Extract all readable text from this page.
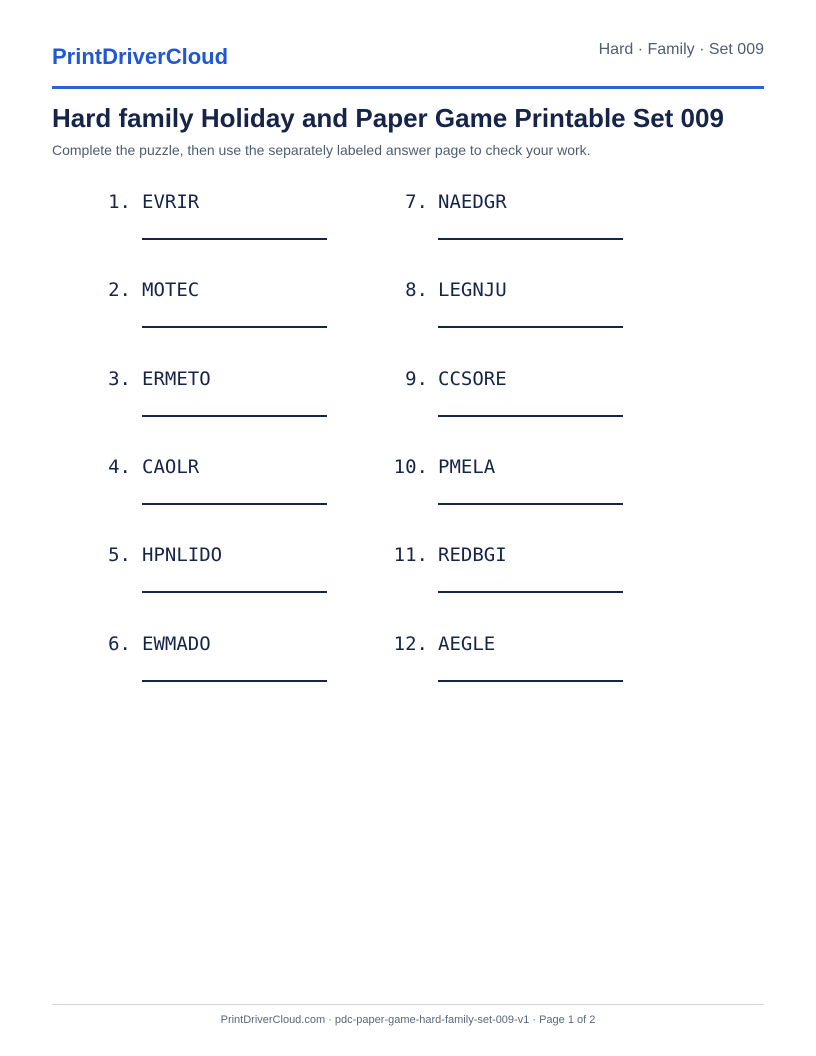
PrintDriverCloud	Hard · Family · Set 009
Hard family Holiday and Paper Game Printable Set 009
Complete the puzzle, then use the separately labeled answer page to check your work.
1. EVRIR
2. MOTEC
3. ERMETO
4. CAOLR
5. HPNLIDO
6. EWMADO
7. NAEDGR
8. LEGNJU
9. CCSORE
10. PMELA
11. REDBGI
12. AEGLE
PrintDriverCloud.com · pdc-paper-game-hard-family-set-009-v1 · Page 1 of 2
